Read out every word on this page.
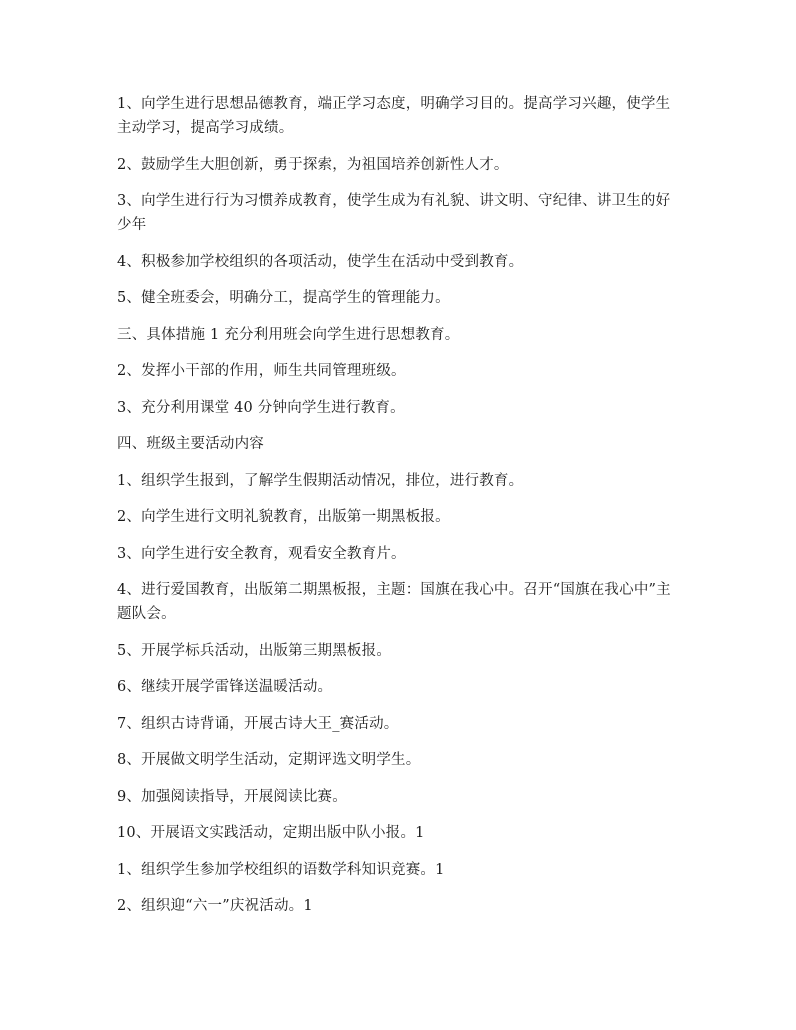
1、向学生进行思想品德教育，端正学习态度，明确学习目的。提高学习兴趣，使学生主动学习，提高学习成绩。

2、鼓励学生大胆创新，勇于探索，为祖国培养创新性人才。

3、向学生进行行为习惯养成教育，使学生成为有礼貌、讲文明、守纪律、讲卫生的好少年

4、积极参加学校组织的各项活动，使学生在活动中受到教育。

5、健全班委会，明确分工，提高学生的管理能力。

三、具体措施 1 充分利用班会向学生进行思想教育。

2、发挥小干部的作用，师生共同管理班级。

3、充分利用课堂 40 分钟向学生进行教育。

四、班级主要活动内容

1、组织学生报到，了解学生假期活动情况，排位，进行教育。

2、向学生进行文明礼貌教育，出版第一期黑板报。

3、向学生进行安全教育，观看安全教育片。

4、进行爱国教育，出版第二期黑板报，主题：国旗在我心中。召开“国旗在我心中”主题队会。

5、开展学标兵活动，出版第三期黑板报。

6、继续开展学雷锋送温暖活动。

7、组织古诗背诵，开展古诗大王_赛活动。

8、开展做文明学生活动，定期评选文明学生。

9、加强阅读指导，开展阅读比赛。

10、开展语文实践活动，定期出版中队小报。1

1、组织学生参加学校组织的语数学科知识竞赛。1

2、组织迎“六一”庆祝活动。1
